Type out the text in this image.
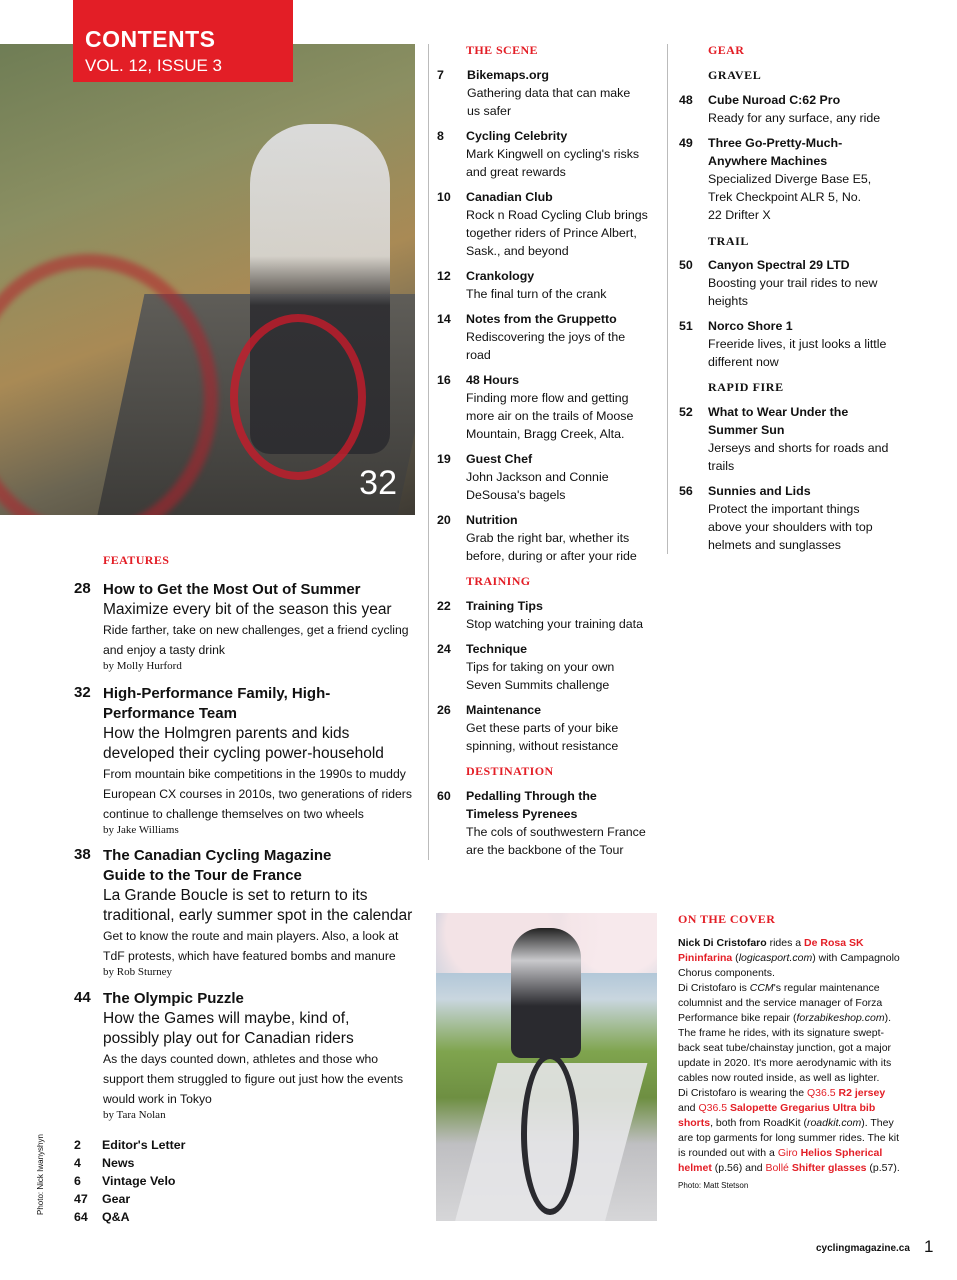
32
CONTENTS
VOL. 12, ISSUE 3
FEATURES
28 How to Get the Most Out of Summer
Maximize every bit of the season this year
Ride farther, take on new challenges, get a friend cycling and enjoy a tasty drink
by Molly Hurford
32 High-Performance Family, High-Performance Team
How the Holmgren parents and kids developed their cycling power-household
From mountain bike competitions in the 1990s to muddy European CX courses in 2010s, two generations of riders continue to challenge themselves on two wheels
by Jake Williams
38 The Canadian Cycling Magazine Guide to the Tour de France
La Grande Boucle is set to return to its traditional, early summer spot in the calendar
Get to know the route and main players. Also, a look at TdF protests, which have featured bombs and manure
by Rob Sturney
44 The Olympic Puzzle
How the Games will maybe, kind of, possibly play out for Canadian riders
As the days counted down, athletes and those who support them struggled to figure out just how the events would work in Tokyo
by Tara Nolan
2 Editor's Letter
4 News
6 Vintage Velo
47 Gear
64 Q&A
Photo: Nick Iwanyshyn
THE SCENE
7 Bikemaps.org
Gathering data that can make us safer
8 Cycling Celebrity
Mark Kingwell on cycling's risks and great rewards
10 Canadian Club
Rock n Road Cycling Club brings together riders of Prince Albert, Sask., and beyond
12 Crankology
The final turn of the crank
14 Notes from the Gruppetto
Rediscovering the joys of the road
16 48 Hours
Finding more flow and getting more air on the trails of Moose Mountain, Bragg Creek, Alta.
19 Guest Chef
John Jackson and Connie DeSousa's bagels
20 Nutrition
Grab the right bar, whether its before, during or after your ride
TRAINING
22 Training Tips
Stop watching your training data
24 Technique
Tips for taking on your own Seven Summits challenge
26 Maintenance
Get these parts of your bike spinning, without resistance
DESTINATION
60 Pedalling Through the Timeless Pyrenees
The cols of southwestern France are the backbone of the Tour
GEAR
GRAVEL
48 Cube Nuroad C:62 Pro
Ready for any surface, any ride
49 Three Go-Pretty-Much-Anywhere Machines
Specialized Diverge Base E5, Trek Checkpoint ALR 5, No. 22 Drifter X
TRAIL
50 Canyon Spectral 29 LTD
Boosting your trail rides to new heights
51 Norco Shore 1
Freeride lives, it just looks a little different now
RAPID FIRE
52 What to Wear Under the Summer Sun
Jerseys and shorts for roads and trails
56 Sunnies and Lids
Protect the important things above your shoulders with top helmets and sunglasses
ON THE COVER
Nick Di Cristofaro rides a De Rosa SK Pininfarina (logicasport.com) with Campagnolo Chorus components.
Di Cristofaro is CCM's regular maintenance columnist and the service manager of Forza Performance bike repair (forzabikeshop.com). The frame he rides, with its signature swept-back seat tube/chainstay junction, got a major update in 2020. It's more aerodynamic with its cables now routed inside, as well as lighter.
Di Cristofaro is wearing the Q36.5 R2 jersey and Q36.5 Salopette Gregarius Ultra bib shorts, both from RoadKit (roadkit.com). They are top garments for long summer rides. The kit is rounded out with a Giro Helios Spherical helmet (p.56) and Bollé Shifter glasses (p.57).
Photo: Matt Stetson
cyclingmagazine.ca 1
